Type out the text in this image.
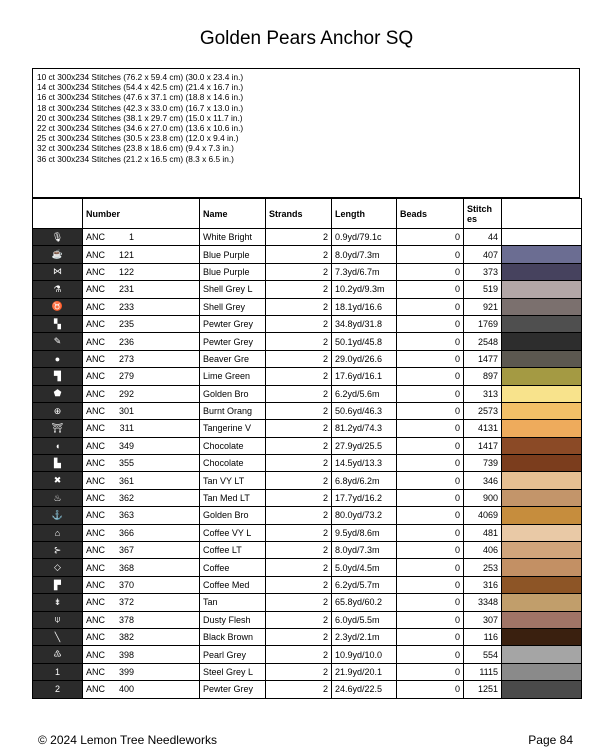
Golden Pears Anchor SQ
10 ct 300x234 Stitches (76.2 x 59.4 cm) (30.0 x 23.4 in.)
14 ct 300x234 Stitches (54.4 x 42.5 cm) (21.4 x 16.7 in.)
16 ct 300x234 Stitches (47.6 x 37.1 cm) (18.8 x 14.6 in.)
18 ct 300x234 Stitches (42.3 x 33.0 cm) (16.7 x 13.0 in.)
20 ct 300x234 Stitches (38.1 x 29.7 cm) (15.0 x 11.7 in.)
22 ct 300x234 Stitches (34.6 x 27.0 cm) (13.6 x 10.6 in.)
25 ct 300x234 Stitches (30.5 x 23.8 cm) (12.0 x 9.4 in.)
32 ct 300x234 Stitches (23.8 x 18.6 cm) (9.4 x 7.3 in.)
36 ct 300x234 Stitches (21.2 x 16.5 cm) (8.3 x 6.5 in.)
	Number	Name	Strands	Length	Beads	Stitch es	
🎙	ANC 1	White Bright	2	0.9yd/79.1c	0	44	
☕	ANC 121	Blue Purple	2	8.0yd/7.3m	0	407	
⋈	ANC 122	Blue Purple	2	7.3yd/6.7m	0	373	
⚗	ANC 231	Shell Grey L	2	10.2yd/9.3m	0	519	
♉	ANC 233	Shell Grey	2	18.1yd/16.6	0	921	
▚	ANC 235	Pewter Grey	2	34.8yd/31.8	0	1769	
✎	ANC 236	Pewter Grey	2	50.1yd/45.8	0	2548	
●	ANC 273	Beaver Gre	2	29.0yd/26.6	0	1477	
▜	ANC 279	Lime Green	2	17.6yd/16.1	0	897	
⬟	ANC 292	Golden Bro	2	6.2yd/5.6m	0	313	
⊕	ANC 301	Burnt Orang	2	50.6yd/46.3	0	2573	
⛩	ANC 311	Tangerine V	2	81.2yd/74.3	0	4131	
◖	ANC 349	Chocolate	2	27.9yd/25.5	0	1417	
▙	ANC 355	Chocolate	2	14.5yd/13.3	0	739	
✖	ANC 361	Tan VY LT	2	6.8yd/6.2m	0	346	
♨	ANC 362	Tan Med LT	2	17.7yd/16.2	0	900	
⚓	ANC 363	Golden Bro	2	80.0yd/73.2	0	4069	
⌂	ANC 366	Coffee VY L	2	9.5yd/8.6m	0	481	
⊱	ANC 367	Coffee LT	2	8.0yd/7.3m	0	406	
◇	ANC 368	Coffee	2	5.0yd/4.5m	0	253	
▛	ANC 370	Coffee Med	2	6.2yd/5.7m	0	316	
⇟	ANC 372	Tan	2	65.8yd/60.2	0	3348	
⍦	ANC 378	Dusty Flesh	2	6.0yd/5.5m	0	307	
╲	ANC 382	Black Brown	2	2.3yd/2.1m	0	116	
♳	ANC 398	Pearl Grey	2	10.9yd/10.0	0	554	
1	ANC 399	Steel Grey L	2	21.9yd/20.1	0	1115	
2	ANC 400	Pewter Grey	2	24.6yd/22.5	0	1251	
© 2024 Lemon Tree Needleworks	Page 84
